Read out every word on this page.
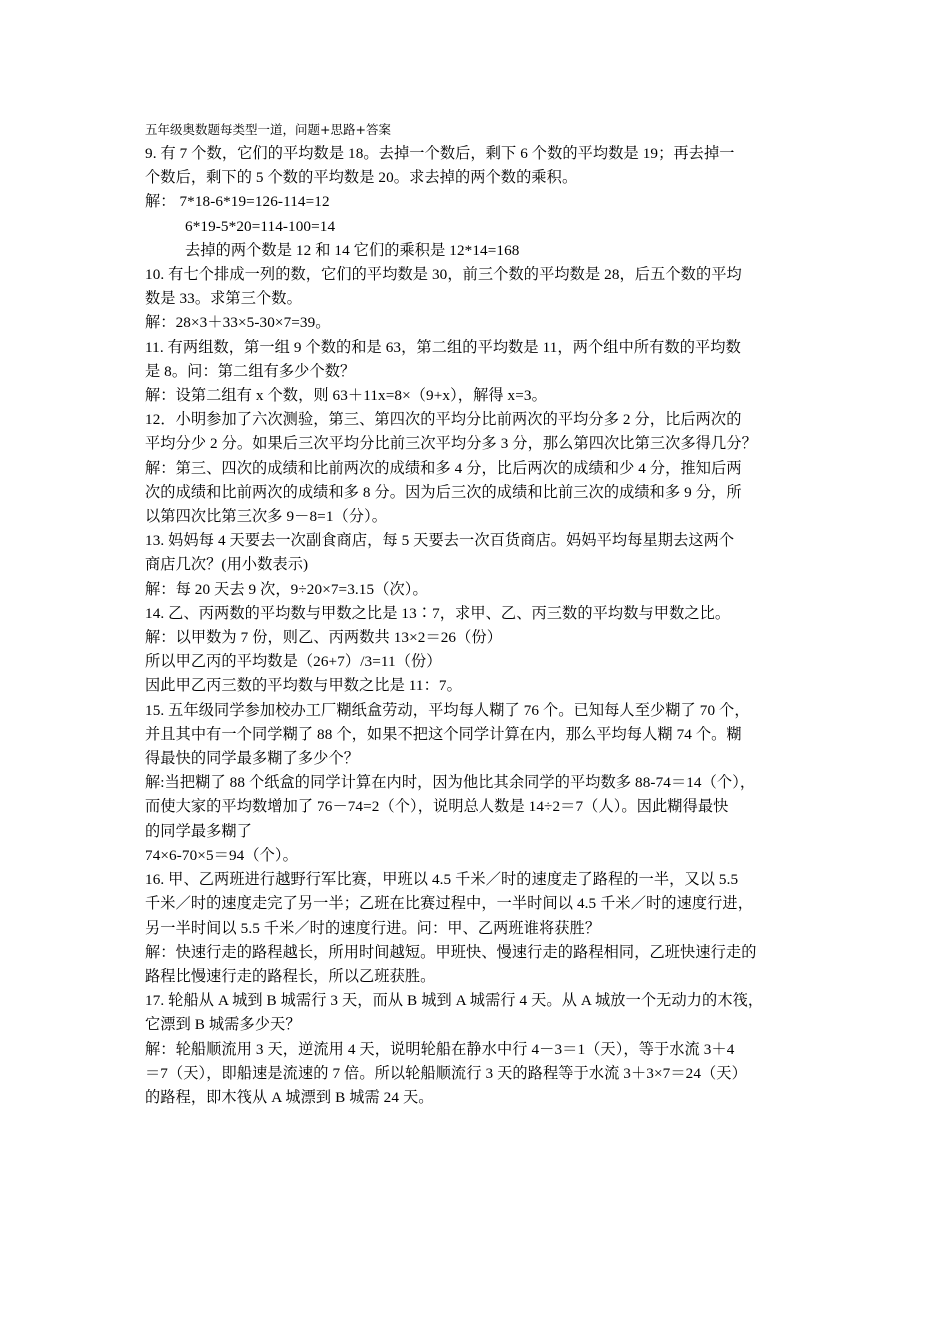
五年级奥数题每类型一道，问题+思路+答案
9. 有 7 个数，它们的平均数是 18。去掉一个数后，剩下 6 个数的平均数是 19；再去掉一
个数后，剩下的 5 个数的平均数是 20。求去掉的两个数的乘积。
解： 7*18-6*19=126-114=12
6*19-5*20=114-100=14
去掉的两个数是 12 和 14 它们的乘积是 12*14=168
10. 有七个排成一列的数，它们的平均数是 30，前三个数的平均数是 28，后五个数的平均
数是 33。求第三个数。
解：28×3＋33×5-30×7=39。
11. 有两组数，第一组 9 个数的和是 63，第二组的平均数是 11，两个组中所有数的平均数
是 8。问：第二组有多少个数？
解：设第二组有 x 个数，则 63＋11x=8×（9+x），解得 x=3。
12．小明参加了六次测验，第三、第四次的平均分比前两次的平均分多 2 分，比后两次的
平均分少 2 分。如果后三次平均分比前三次平均分多 3 分，那么第四次比第三次多得几分？
解：第三、四次的成绩和比前两次的成绩和多 4 分，比后两次的成绩和少 4 分，推知后两
次的成绩和比前两次的成绩和多 8 分。因为后三次的成绩和比前三次的成绩和多 9 分，所
以第四次比第三次多 9－8=1（分）。
13. 妈妈每 4 天要去一次副食商店，每 5 天要去一次百货商店。妈妈平均每星期去这两个
商店几次？(用小数表示)
解：每 20 天去 9 次，9÷20×7=3.15（次）。
14. 乙、丙两数的平均数与甲数之比是 13∶7，求甲、乙、丙三数的平均数与甲数之比。
解：以甲数为 7 份，则乙、丙两数共 13×2＝26（份）
所以甲乙丙的平均数是（26+7）/3=11（份）
因此甲乙丙三数的平均数与甲数之比是 11：7。
15. 五年级同学参加校办工厂糊纸盒劳动，平均每人糊了 76 个。已知每人至少糊了 70 个，
并且其中有一个同学糊了 88 个，如果不把这个同学计算在内，那么平均每人糊 74 个。糊
得最快的同学最多糊了多少个？
解:当把糊了 88 个纸盒的同学计算在内时，因为他比其余同学的平均数多 88-74＝14（个），
而使大家的平均数增加了 76－74=2（个），说明总人数是 14÷2＝7（人）。因此糊得最快
的同学最多糊了
74×6-70×5＝94（个）。
16. 甲、乙两班进行越野行军比赛，甲班以 4.5 千米／时的速度走了路程的一半，又以 5.5
千米／时的速度走完了另一半；乙班在比赛过程中，一半时间以 4.5 千米／时的速度行进，
另一半时间以 5.5 千米／时的速度行进。问：甲、乙两班谁将获胜？
解：快速行走的路程越长，所用时间越短。甲班快、慢速行走的路程相同，乙班快速行走的
路程比慢速行走的路程长，所以乙班获胜。
17. 轮船从 A 城到 B 城需行 3 天，而从 B 城到 A 城需行 4 天。从 A 城放一个无动力的木筏，
它漂到 B 城需多少天？
解：轮船顺流用 3 天，逆流用 4 天，说明轮船在静水中行 4－3＝1（天），等于水流 3＋4
＝7（天），即船速是流速的 7 倍。所以轮船顺流行 3 天的路程等于水流 3＋3×7＝24（天）
的路程，即木筏从 A 城漂到 B 城需 24 天。
